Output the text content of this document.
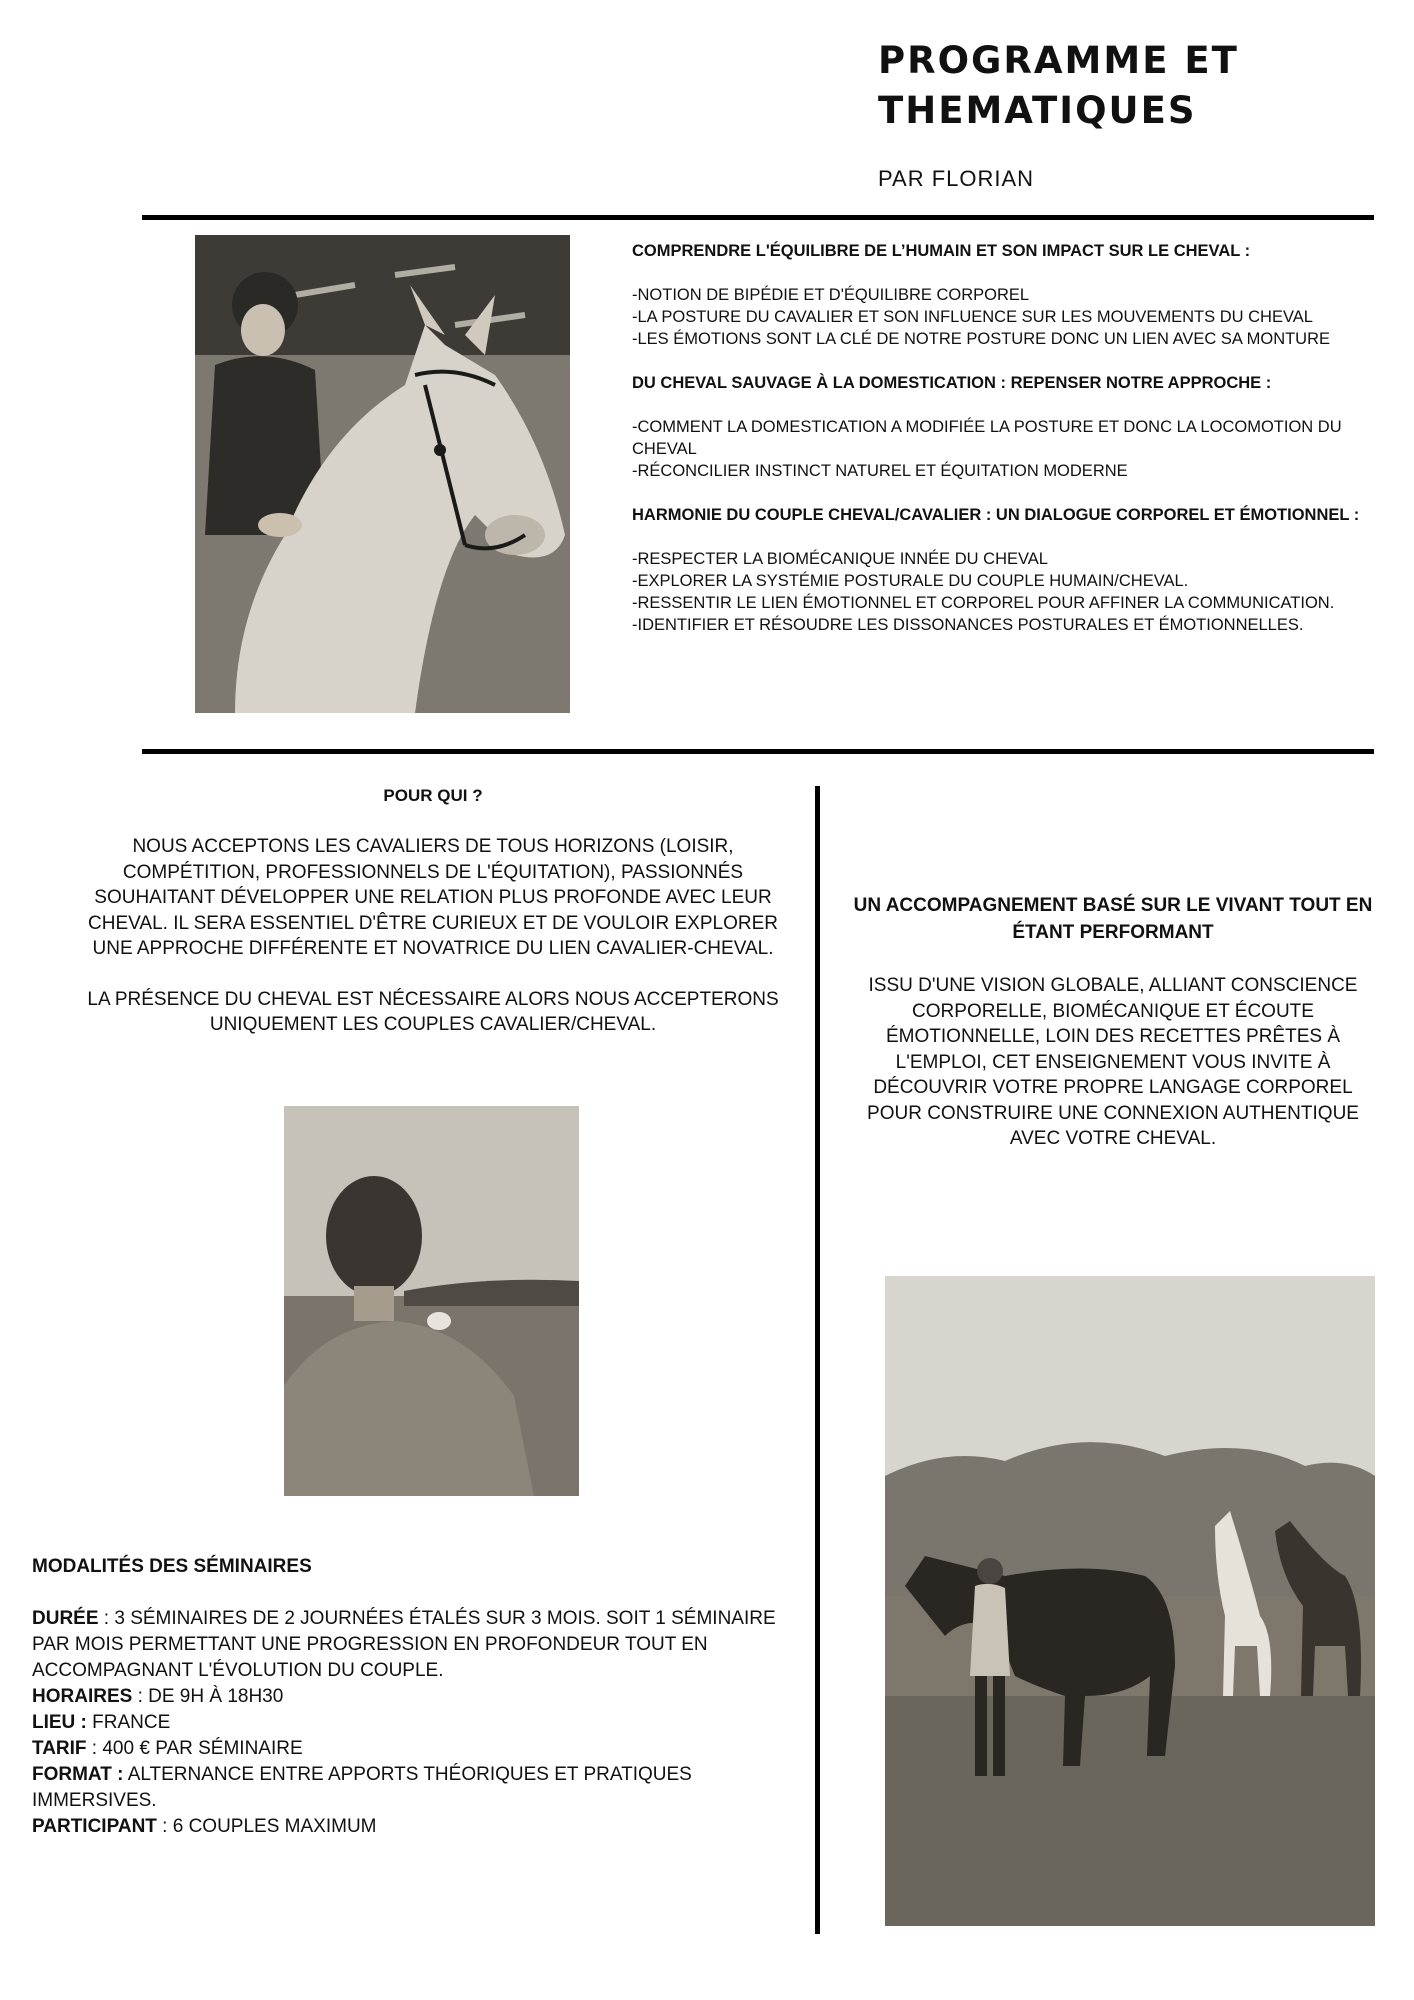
PROGRAMME ET THEMATIQUES
PAR FLORIAN
COMPRENDRE L'ÉQUILIBRE DE L’HUMAIN ET SON IMPACT SUR LE CHEVAL :
-NOTION DE BIPÉDIE ET D'ÉQUILIBRE CORPOREL
-LA POSTURE DU CAVALIER ET SON INFLUENCE SUR LES MOUVEMENTS DU CHEVAL
-LES ÉMOTIONS SONT LA CLÉ DE NOTRE POSTURE DONC UN LIEN AVEC SA MONTURE
DU CHEVAL SAUVAGE À LA DOMESTICATION : REPENSER NOTRE APPROCHE :
-COMMENT LA DOMESTICATION A MODIFIÉE LA POSTURE ET DONC LA LOCOMOTION DU CHEVAL
-RÉCONCILIER INSTINCT NATUREL ET ÉQUITATION MODERNE
HARMONIE DU COUPLE CHEVAL/CAVALIER : UN DIALOGUE CORPOREL ET ÉMOTIONNEL :
-RESPECTER LA BIOMÉCANIQUE INNÉE DU CHEVAL
-EXPLORER LA SYSTÉMIE POSTURALE DU COUPLE HUMAIN/CHEVAL.
-RESSENTIR LE LIEN ÉMOTIONNEL ET CORPOREL POUR AFFINER LA COMMUNICATION.
-IDENTIFIER ET RÉSOUDRE LES DISSONANCES POSTURALES ET ÉMOTIONNELLES.
POUR QUI ?

NOUS ACCEPTONS LES CAVALIERS DE TOUS HORIZONS (LOISIR, COMPÉTITION, PROFESSIONNELS DE L'ÉQUITATION), PASSIONNÉS SOUHAITANT DÉVELOPPER UNE RELATION PLUS PROFONDE AVEC LEUR CHEVAL. IL SERA ESSENTIEL D'ÊTRE CURIEUX ET DE VOULOIR EXPLORER UNE APPROCHE DIFFÉRENTE ET NOVATRICE DU LIEN CAVALIER-CHEVAL.

LA PRÉSENCE DU CHEVAL EST NÉCESSAIRE ALORS NOUS ACCEPTERONS UNIQUEMENT LES COUPLES CAVALIER/CHEVAL.

UN ACCOMPAGNEMENT BASÉ SUR LE VIVANT TOUT EN ÉTANT PERFORMANT

ISSU D'UNE VISION GLOBALE, ALLIANT CONSCIENCE CORPORELLE, BIOMÉCANIQUE ET ÉCOUTE ÉMOTIONNELLE, LOIN DES RECETTES PRÊTES À L'EMPLOI, CET ENSEIGNEMENT VOUS INVITE À DÉCOUVRIR VOTRE PROPRE LANGAGE CORPOREL POUR CONSTRUIRE UNE CONNEXION AUTHENTIQUE AVEC VOTRE CHEVAL.

MODALITÉS DES SÉMINAIRES

DURÉE : 3 SÉMINAIRES DE 2 JOURNÉES ÉTALÉS SUR 3 MOIS. SOIT 1 SÉMINAIRE PAR MOIS PERMETTANT UNE PROGRESSION EN PROFONDEUR TOUT EN ACCOMPAGNANT L'ÉVOLUTION DU COUPLE.

HORAIRES : DE 9H À 18H30

LIEU : FRANCE

TARIF : 400 € PAR SÉMINAIRE

FORMAT : ALTERNANCE ENTRE APPORTS THÉORIQUES ET PRATIQUES IMMERSIVES.

PARTICIPANT : 6 COUPLES MAXIMUM
